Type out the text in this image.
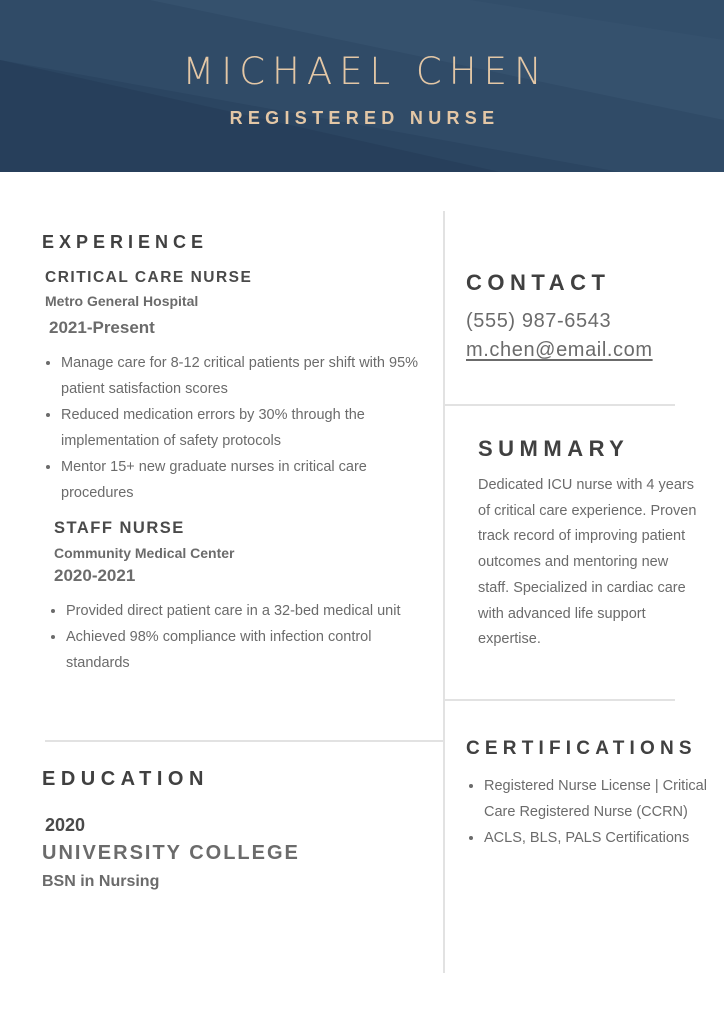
MICHAEL CHEN
REGISTERED NURSE
EXPERIENCE
CRITICAL CARE NURSE
Metro General Hospital
2021-Present
Manage care for 8-12 critical patients per shift with 95% patient satisfaction scores
Reduced medication errors by 30% through the implementation of safety protocols
Mentor 15+ new graduate nurses in critical care procedures
STAFF NURSE
Community Medical Center
2020-2021
Provided direct patient care in a 32-bed medical unit
Achieved 98% compliance with infection control standards
EDUCATION
2020
UNIVERSITY COLLEGE
BSN in Nursing
CONTACT
(555) 987-6543
m.chen@email.com
SUMMARY
Dedicated ICU nurse with 4 years of critical care experience. Proven track record of improving patient outcomes and mentoring new staff. Specialized in cardiac care with advanced life support expertise.
CERTIFICATIONS
Registered Nurse License | Critical Care Registered Nurse (CCRN)
ACLS, BLS, PALS Certifications
